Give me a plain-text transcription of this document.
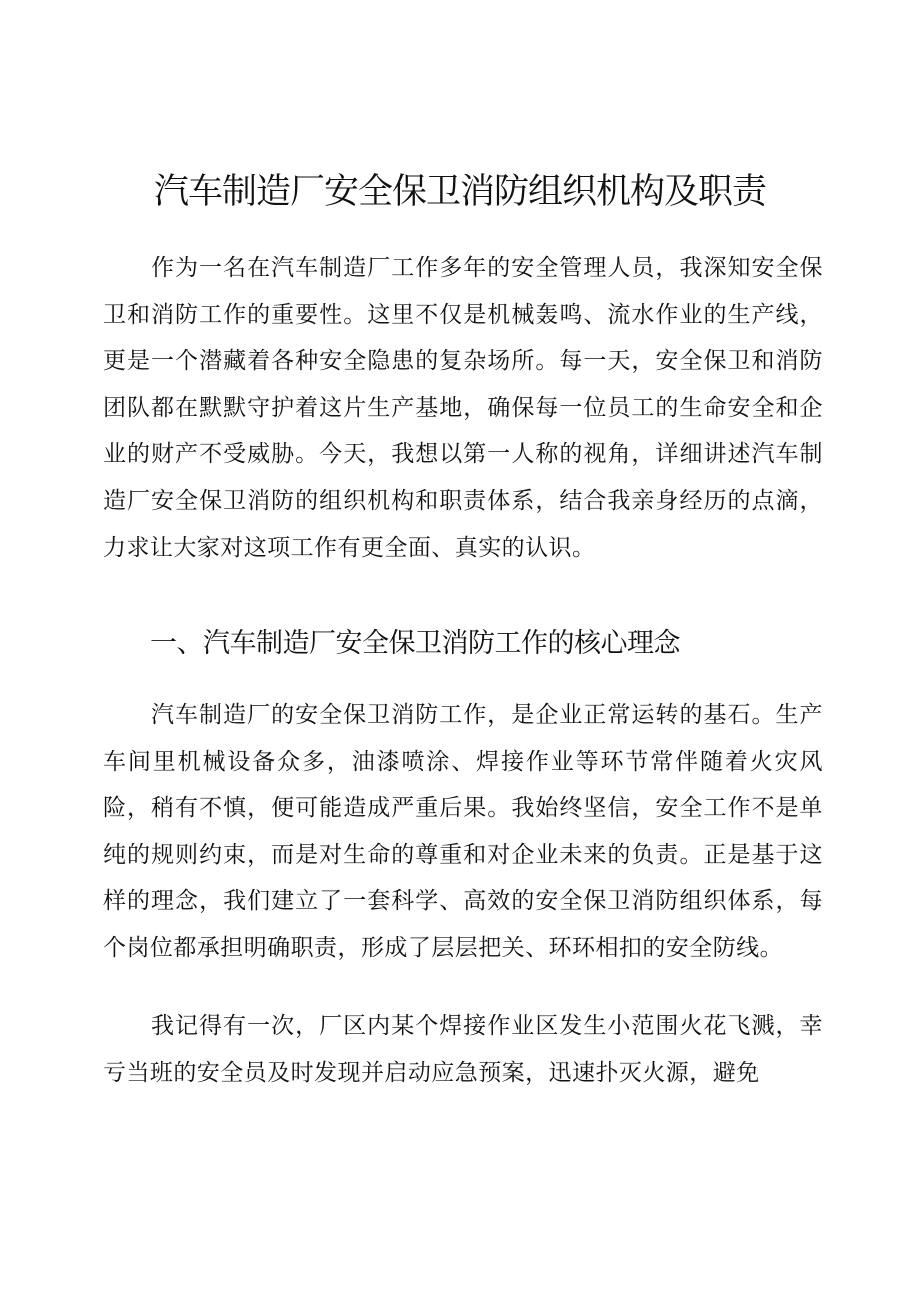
汽车制造厂安全保卫消防组织机构及职责

作为一名在汽车制造厂工作多年的安全管理人员，我深知安全保卫和消防工作的重要性。这里不仅是机械轰鸣、流水作业的生产线，更是一个潜藏着各种安全隐患的复杂场所。每一天，安全保卫和消防团队都在默默守护着这片生产基地，确保每一位员工的生命安全和企业的财产不受威胁。今天，我想以第一人称的视角，详细讲述汽车制造厂安全保卫消防的组织机构和职责体系，结合我亲身经历的点滴，力求让大家对这项工作有更全面、真实的认识。

一、汽车制造厂安全保卫消防工作的核心理念

汽车制造厂的安全保卫消防工作，是企业正常运转的基石。生产车间里机械设备众多，油漆喷涂、焊接作业等环节常伴随着火灾风险，稍有不慎，便可能造成严重后果。我始终坚信，安全工作不是单纯的规则约束，而是对生命的尊重和对企业未来的负责。正是基于这样的理念，我们建立了一套科学、高效的安全保卫消防组织体系，每个岗位都承担明确职责，形成了层层把关、环环相扣的安全防线。

我记得有一次，厂区内某个焊接作业区发生小范围火花飞溅，幸亏当班的安全员及时发现并启动应急预案，迅速扑灭火源，避免
